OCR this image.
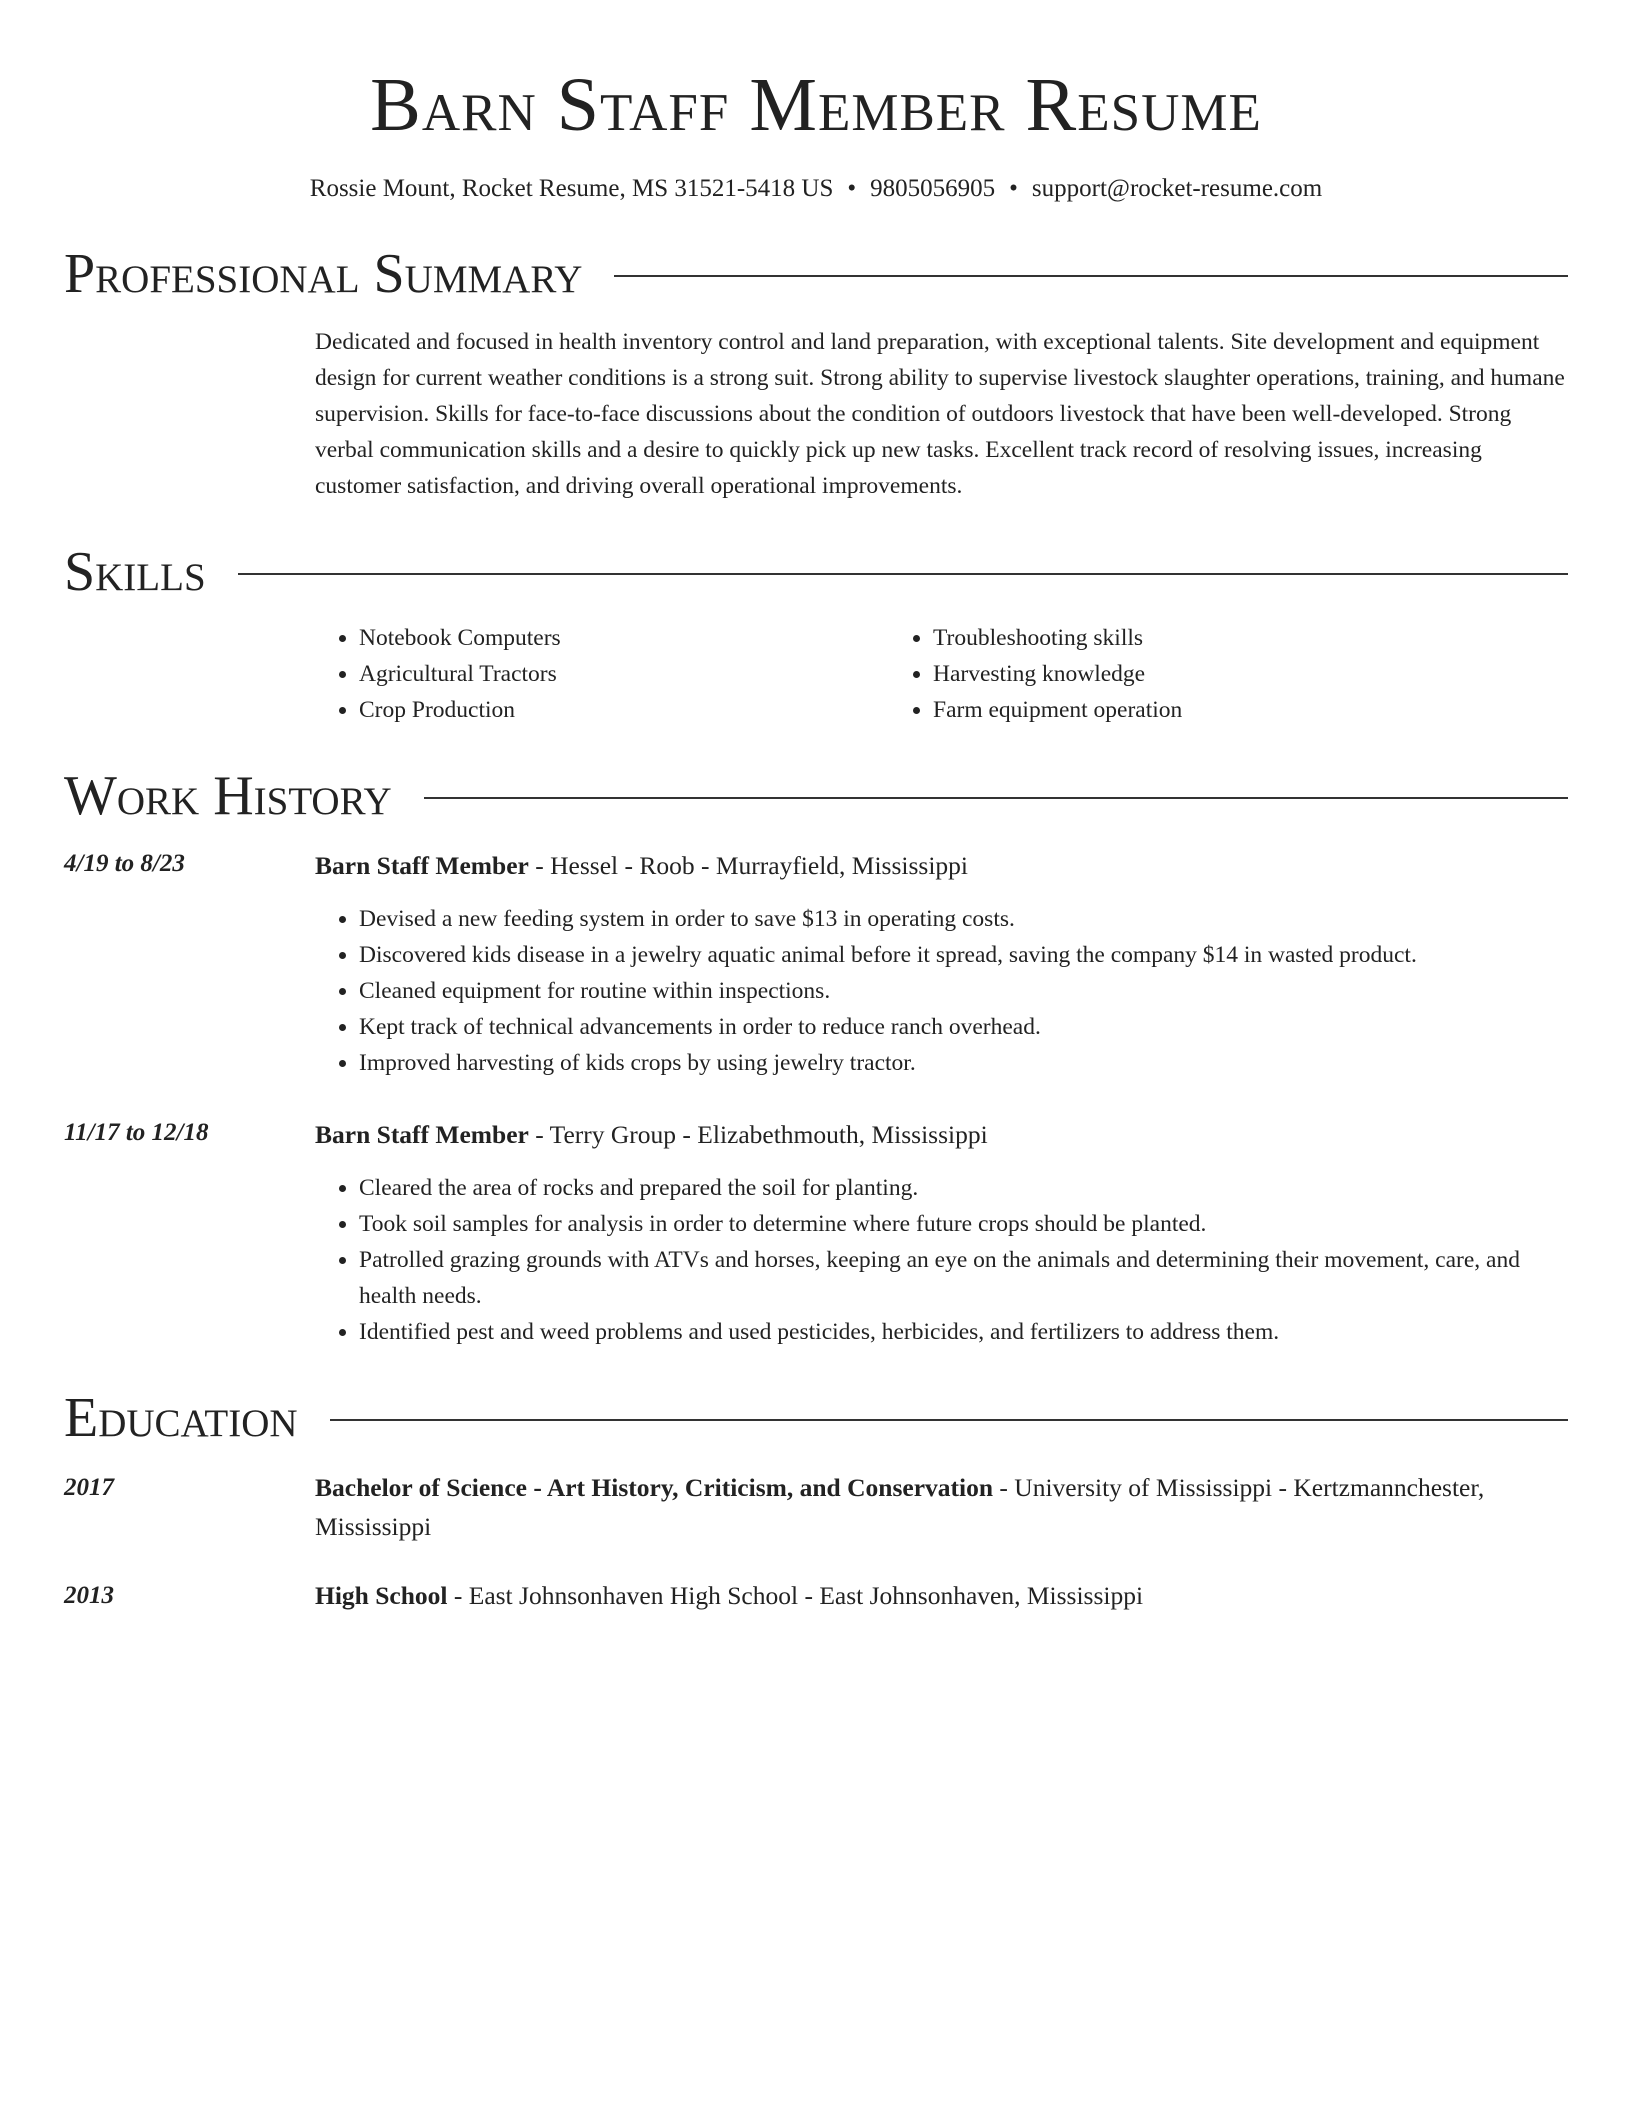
Barn Staff Member Resume
Rossie Mount, Rocket Resume, MS 31521-5418 US • 9805056905 • support@rocket-resume.com
Professional Summary
Dedicated and focused in health inventory control and land preparation, with exceptional talents. Site development and equipment design for current weather conditions is a strong suit. Strong ability to supervise livestock slaughter operations, training, and humane supervision. Skills for face-to-face discussions about the condition of outdoors livestock that have been well-developed. Strong verbal communication skills and a desire to quickly pick up new tasks. Excellent track record of resolving issues, increasing customer satisfaction, and driving overall operational improvements.
Skills
• Notebook Computers
• Agricultural Tractors
• Crop Production
• Troubleshooting skills
• Harvesting knowledge
• Farm equipment operation
Work History
4/19 to 8/23	Barn Staff Member - Hessel - Roob - Murrayfield, Mississippi
• Devised a new feeding system in order to save $13 in operating costs.
• Discovered kids disease in a jewelry aquatic animal before it spread, saving the company $14 in wasted product.
• Cleaned equipment for routine within inspections.
• Kept track of technical advancements in order to reduce ranch overhead.
• Improved harvesting of kids crops by using jewelry tractor.
11/17 to 12/18	Barn Staff Member - Terry Group - Elizabethmouth, Mississippi
• Cleared the area of rocks and prepared the soil for planting.
• Took soil samples for analysis in order to determine where future crops should be planted.
• Patrolled grazing grounds with ATVs and horses, keeping an eye on the animals and determining their movement, care, and health needs.
• Identified pest and weed problems and used pesticides, herbicides, and fertilizers to address them.
Education
2017	Bachelor of Science - Art History, Criticism, and Conservation - University of Mississippi - Kertzmannchester, Mississippi
2013	High School - East Johnsonhaven High School - East Johnsonhaven, Mississippi
